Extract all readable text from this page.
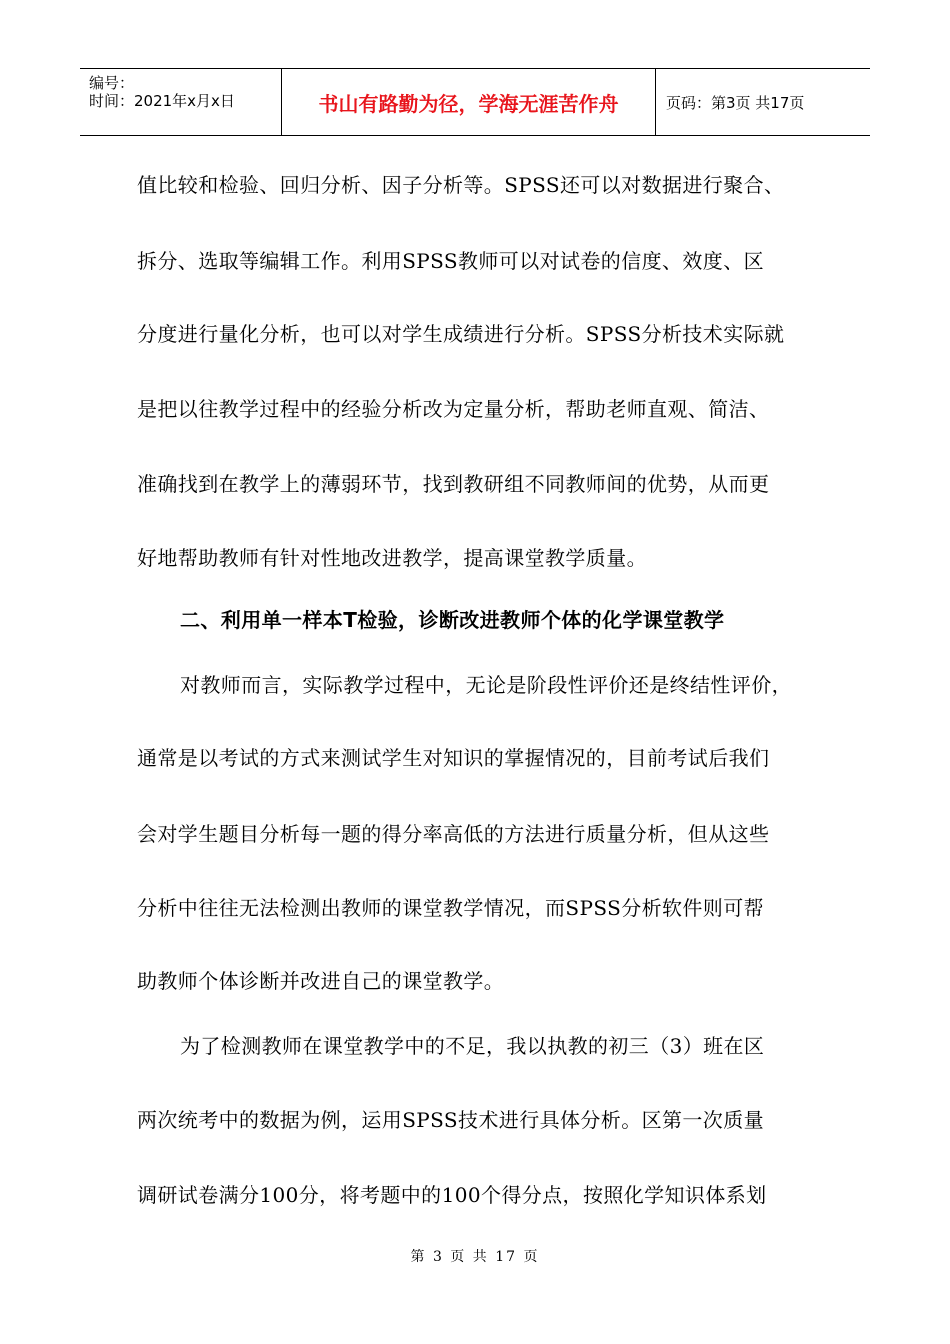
编号：
时间：2021年x月x日	书山有路勤为径，学海无涯苦作舟	页码：第3页 共17页
值比较和检验、回归分析、因子分析等。SPSS还可以对数据进行聚合、
拆分、选取等编辑工作。利用SPSS教师可以对试卷的信度、效度、区
分度进行量化分析，也可以对学生成绩进行分析。SPSS分析技术实际就
是把以往教学过程中的经验分析改为定量分析，帮助老师直观、简洁、
准确找到在教学上的薄弱环节，找到教研组不同教师间的优势，从而更
好地帮助教师有针对性地改进教学，提高课堂教学质量。
二、利用单一样本T检验，诊断改进教师个体的化学课堂教学
对教师而言，实际教学过程中，无论是阶段性评价还是终结性评价，
通常是以考试的方式来测试学生对知识的掌握情况的，目前考试后我们
会对学生题目分析每一题的得分率高低的方法进行质量分析，但从这些
分析中往往无法检测出教师的课堂教学情况，而SPSS分析软件则可帮
助教师个体诊断并改进自己的课堂教学。
为了检测教师在课堂教学中的不足，我以执教的初三（3）班在区
两次统考中的数据为例，运用SPSS技术进行具体分析。区第一次质量
调研试卷满分100分，将考题中的100个得分点，按照化学知识体系划
第 3 页 共 17 页
